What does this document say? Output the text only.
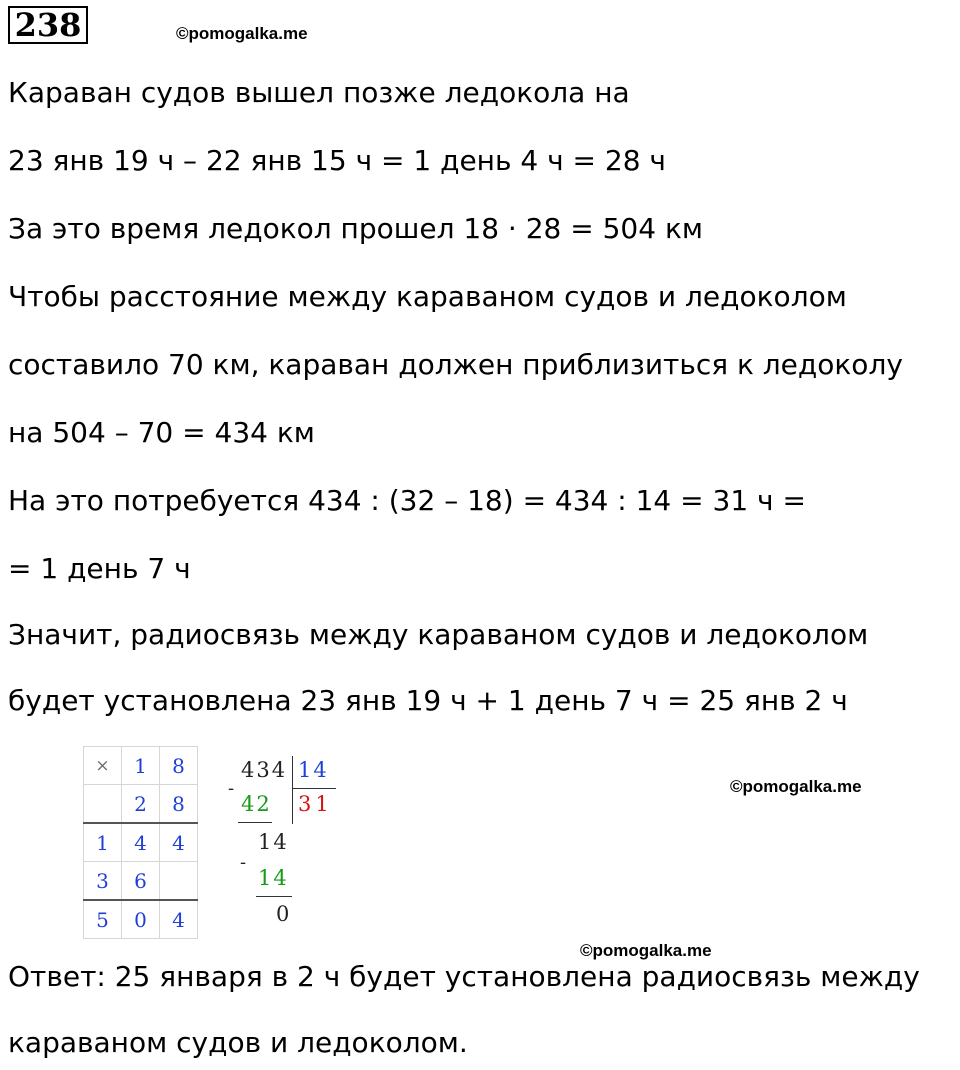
238	©pomogalka.me
Караван судов вышел позже ледокола на
23 янв 19 ч – 22 янв 15 ч = 1 день 4 ч = 28 ч
За это время ледокол прошел 18 · 28 = 504 км
Чтобы расстояние между караваном судов и ледоколом
составило 70 км, караван должен приблизиться к ледоколу
на 504 – 70 = 434 км
На это потребуется 434 : (32 – 18) = 434 : 14 = 31 ч =
= 1 день 7 ч
Значит, радиосвязь между караваном судов и ледоколом
будет установлена 23 янв 19 ч + 1 день 7 ч = 25 янв 2 ч
×	1	8
	2	8
1	4	4
3	6	
5	0	4
434 14
31
-
42
14
-
14
0
©pomogalka.me
©pomogalka.me
Ответ: 25 января в 2 ч будет установлена радиосвязь между
караваном судов и ледоколом.
